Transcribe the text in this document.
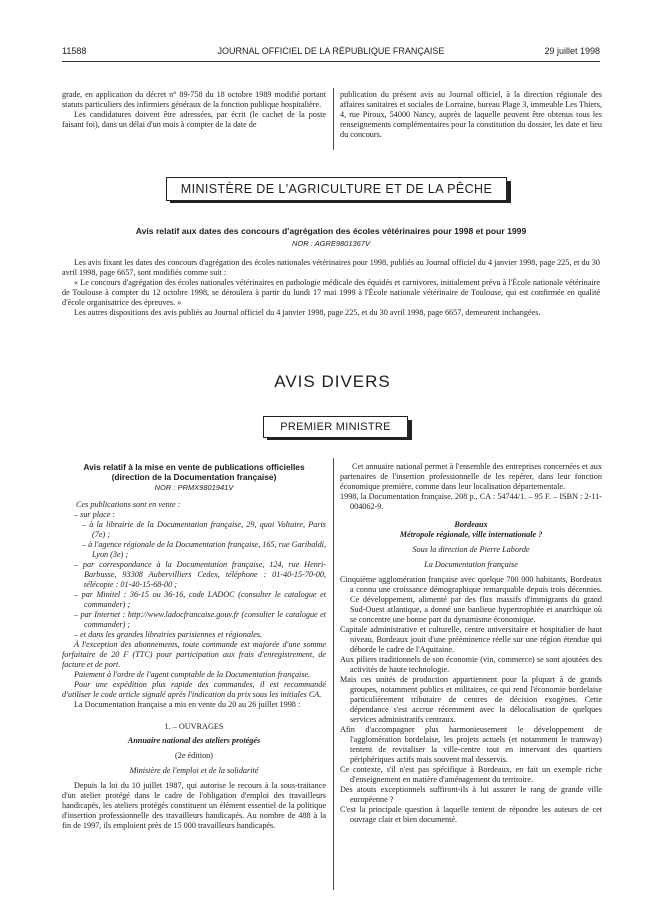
11588	JOURNAL OFFICIEL DE LA RÉPUBLIQUE FRANÇAISE	29 juillet 1998

grade, en application du décret n° 89-758 du 18 octobre 1989 modifié portant statuts particuliers des infirmiers généraux de la fonction publique hospitalière.

Les candidatures doivent être adressées, par écrit (le cachet de la poste faisant foi), dans un délai d'un mois à compter de la date de

publication du présent avis au Journal officiel, à la direction régionale des affaires sanitaires et sociales de Lorraine, bureau Plage 3, immeuble Les Thiers, 4, rue Piroux, 54000 Nancy, auprès de laquelle peuvent être obtenus tous les renseignements complémentaires pour la constitution du dossier, les date et lieu du concours.

MINISTÈRE DE L'AGRICULTURE ET DE LA PÊCHE
Avis relatif aux dates des concours d'agrégation des écoles vétérinaires pour 1998 et pour 1999
NOR : AGRE9801367V

Les avis fixant les dates des concours d'agrégation des écoles nationales vétérinaires pour 1998, publiés au Journal officiel du 4 janvier 1998, page 225, et du 30 avril 1998, page 6657, sont modifiés comme suit :

« Le concours d'agrégation des écoles nationales vétérinaires en pathologie médicale des équidés et carnivores, initialement prévu à l'École nationale vétérinaire de Toulouse à compter du 12 octobre 1998, se déroulera à partir du lundi 17 mai 1999 à l'École nationale vétérinaire de Toulouse, qui est confirmée en qualité d'école organisatrice des épreuves. »

Les autres dispositions des avis publiés au Journal officiel du 4 janvier 1998, page 225, et du 30 avril 1998, page 6657, demeurent inchangées.

AVIS DIVERS
PREMIER MINISTRE

Avis relatif à la mise en vente de publications officielles

(direction de la Documentation française)

NOR : PRMX9801941V

Ces publications sont en vente :

– sur place :

– à la librairie de la Documentation française, 29, quai Voltaire, Paris (7e) ;

– à l'agence régionale de la Documentation française, 165, rue Garibaldi, Lyon (3e) ;

– par correspondance à la Documentation française, 124, rue Henri-Barbusse, 93308 Aubervilliers Cedex, téléphone : 01-40-15-70-00, télécopie : 01-40-15-68-00 ;

– par Minitel : 36-15 ou 36-16, code LADOC (consulter le catalogue et commander) ;

– par Internet : http://www.ladocfrancaise.gouv.fr (consulter le catalogue et commander) ;

– et dans les grandes librairies parisiennes et régionales.

À l'exception des abonnements, toute commande est majorée d'une somme forfaitaire de 20 F (TTC) pour participation aux frais d'enregistrement, de facture et de port.

Paiement à l'ordre de l'agent comptable de la Documentation française.

Pour une expédition plus rapide des commandes, il est recommandé d'utiliser le code article signalé après l'indication du prix sous les initiales CA.

La Documentation française a mis en vente du 20 au 26 juillet 1998 :

1. – OUVRAGES

Annuaire national des ateliers protégés

(2e édition)

Ministère de l'emploi et de la solidarité

Depuis la loi du 10 juillet 1987, qui autorise le recours à la sous-traitance d'un atelier protégé dans le cadre de l'obligation d'emploi des travailleurs handicapés, les ateliers protégés constituent un élément essentiel de la politique d'insertion professionnelle des travailleurs handicapés. Au nombre de 488 à la fin de 1997, ils emploient près de 15 000 travailleurs handicapés.

Cet annuaire national permet à l'ensemble des entreprises concernées et aux partenaires de l'insertion professionnelle de les repérer, dans leur fonction économique première, comme dans leur localisation départementale.

1998, la Documentation française, 208 p., CA : 54744/1. – 95 F. – ISBN : 2-11-004062-9.

Bordeaux

Métropole régionale, ville internationale ?

Sous la direction de Pierre Laborde

La Documentation française

Cinquième agglomération française avec quelque 700 000 habitants, Bordeaux a connu une croissance démographique remarquable depuis trois décennies. Ce développement, alimenté par des flux massifs d'immigrants du grand Sud-Ouest atlantique, a donné une banlieue hypertrophiée et anarchique où se concentre une bonne part du dynamisme économique.

Capitale administrative et culturelle, centre universitaire et hospitalier de haut niveau, Bordeaux jouit d'une prééminence réelle sur une région étendue qui déborde le cadre de l'Aquitaine.

Aux piliers traditionnels de son économie (vin, commerce) se sont ajoutées des activités de haute technologie.

Mais ces unités de production appartiennent pour la plupart à de grands groupes, notamment publics et militaires, ce qui rend l'économie bordelaise particulièrement tributaire de centres de décision exogènes. Cette dépendance s'est accrue récemment avec la délocalisation de quelques services administratifs centraux.

Afin d'accompagner plus harmonieusement le développement de l'agglomération bordelaise, les projets actuels (et notamment le tramway) tentent de revitaliser la ville-centre tout en innervant des quartiers périphériques actifs mais souvent mal desservis.

Ce contexte, s'il n'est pas spécifique à Bordeaux, en fait un exemple riche d'enseignement en matière d'aménagement du territoire.

Des atouts exceptionnels suffiront-ils à lui assurer le rang de grande ville européenne ?

C'est la principale question à laquelle tentent de répondre les auteurs de cet ouvrage clair et bien documenté.
